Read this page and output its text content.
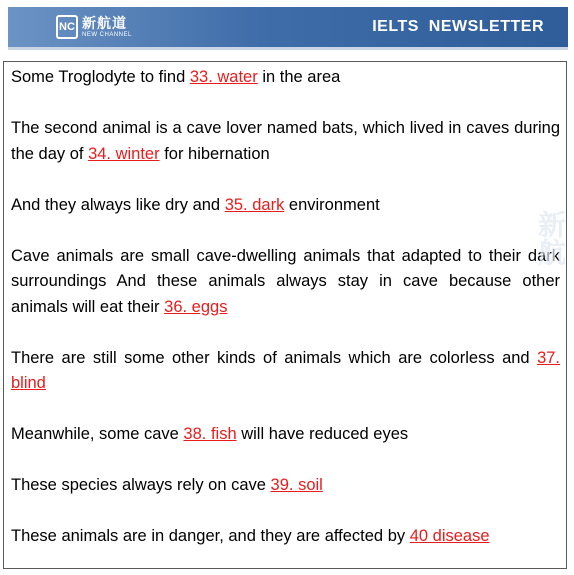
NC 新航道
NEW CHANNEL	IELTS  NEWSLETTER

Some Troglodyte to find 33. water in the area

The second animal is a cave lover named bats, which lived in caves during the day of 34. winter for hibernation

And they always like dry and 35. dark environment

Cave animals are small cave-dwelling animals that adapted to their dark surroundings And these animals always stay in cave because other animals will eat their 36. eggs

There are still some other kinds of animals which are colorless and 37. blind

Meanwhile, some cave 38. fish will have reduced eyes

These species always rely on cave 39. soil

These animals are in danger, and they are affected by 40 disease

新航
